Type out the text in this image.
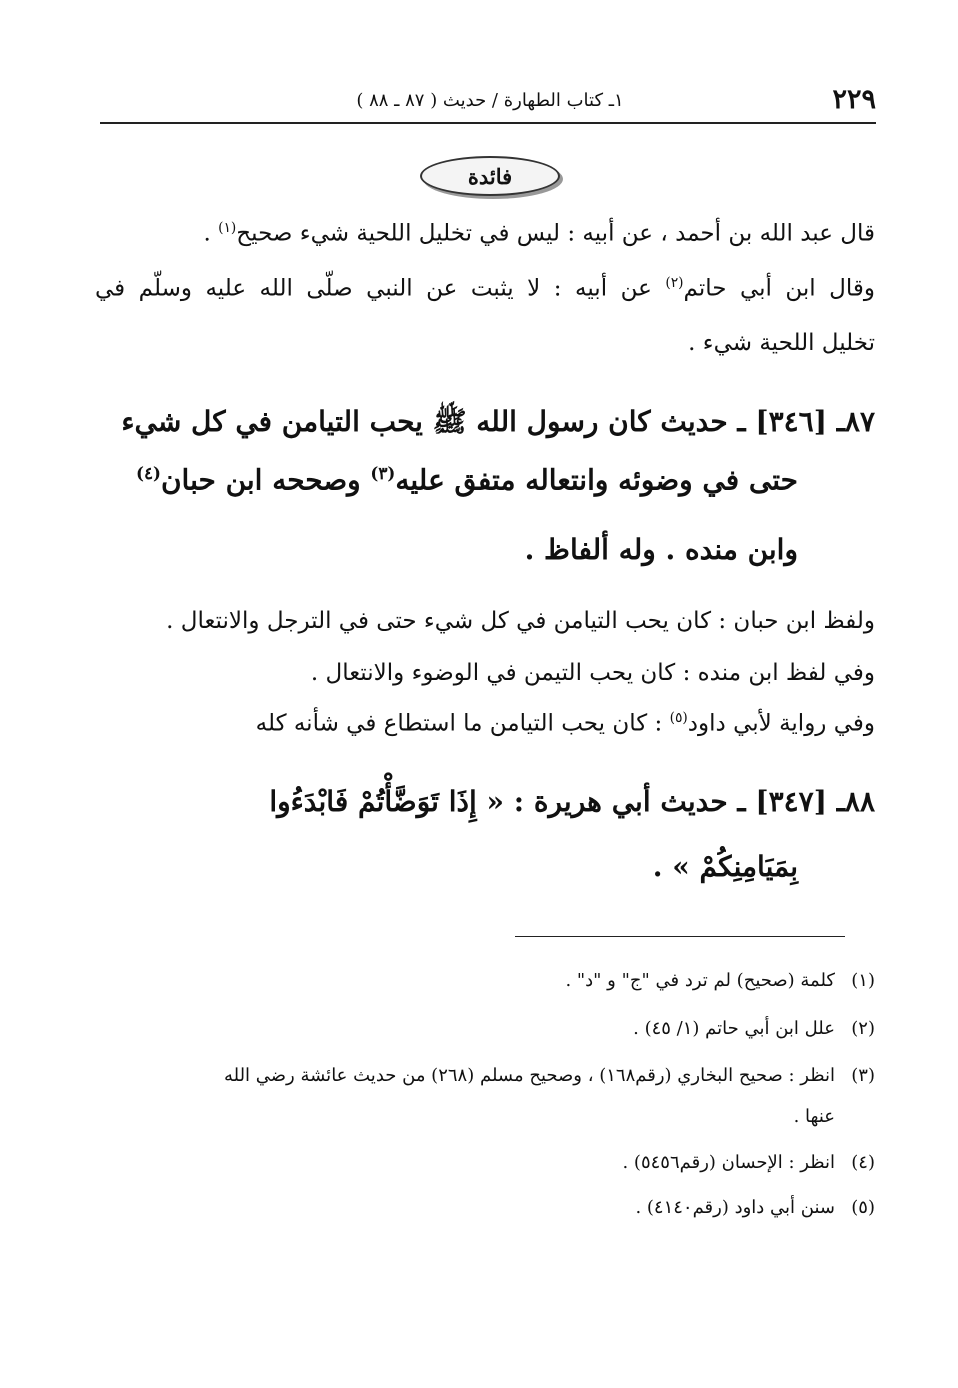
٢٢٩
١ـ كتاب الطهارة / حديث ( ٨٧ ـ ٨٨ )
فائدة
قال عبد الله بن أحمد ، عن أبيه : ليس في تخليل اللحية شيء صحيح$^{(١)}$ .
وقال ابن أبي حاتم$^{(٢)}$ عن أبيه : لا يثبت عن النبي صلّى الله عليه وسلّم في
تخليل اللحية شيء .
٨٧ـ [٣٤٦] ـ حديث كان رسول الله ﷺ يحب التيامن في كل شيء
حتى في وضوئه وانتعاله متفق عليه$^{(٣)}$ وصححه ابن حبان$^{(٤)}$
وابن منده . وله ألفاظ .
ولفظ ابن حبان : كان يحب التيامن في كل شيء حتى في الترجل والانتعال .
وفي لفظ ابن منده : كان يحب التيمن في الوضوء والانتعال .
وفي رواية لأبي داود$^{(٥)}$ : كان يحب التيامن ما استطاع في شأنه كله
٨٨ـ [٣٤٧] ـ حديث أبي هريرة : « إِذَا تَوَضَّأْتُمْ فَابْدَءُوا
بِمَيَامِنِكُمْ » .
(١)كلمة (صحيح) لم ترد في "ج" و "د" .
(٢)علل ابن أبي حاتم (١/ ٤٥) .
(٣)انظر : صحيح البخاري (رقم١٦٨) ، وصحيح مسلم (٢٦٨) من حديث عائشة رضي الله
عنها .
(٤)انظر : الإحسان (رقم٥٤٥٦) .
(٥)سنن أبي داود (رقم٤١٤٠) .
